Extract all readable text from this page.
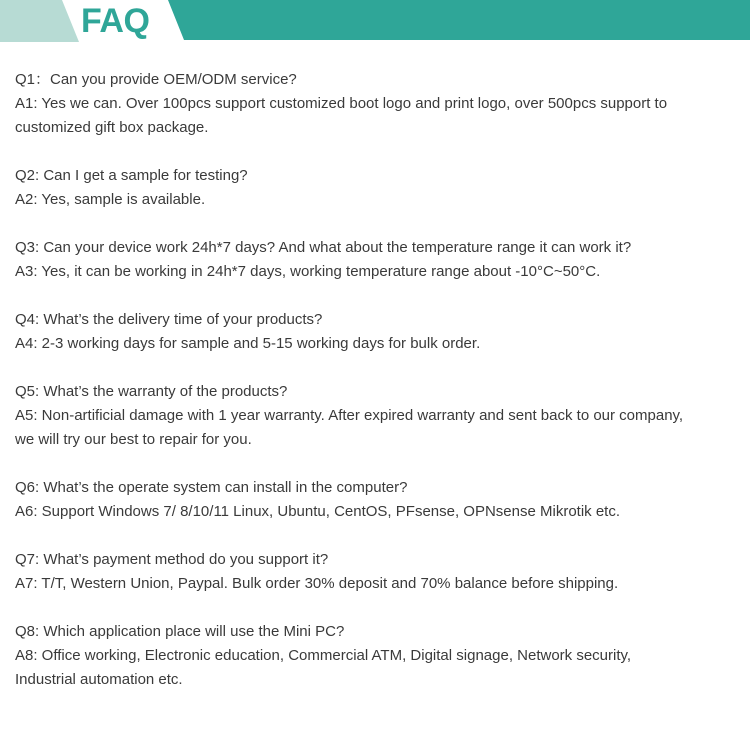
FAQ
Q1：Can you provide OEM/ODM service?
A1: Yes we can. Over 100pcs support customized boot logo and print logo, over 500pcs support to
customized gift box package.
Q2: Can I get a sample for testing?
A2: Yes, sample is available.
Q3: Can your device work 24h*7 days? And what about the temperature range it can work it?
A3: Yes, it can be working in 24h*7 days, working temperature range about -10°C~50°C.
Q4: What’s the delivery time of your products?
A4: 2-3 working days for sample and 5-15 working days for bulk order.
Q5: What’s the warranty of the products?
A5: Non-artificial damage with 1 year warranty. After expired warranty and sent back to our company,
we will try our best to repair for you.
Q6: What’s the operate system can install in the computer?
A6: Support Windows 7/ 8/10/11 Linux, Ubuntu, CentOS, PFsense, OPNsense Mikrotik etc.
Q7: What’s payment method do you support it?
A7: T/T, Western Union, Paypal. Bulk order 30% deposit and 70% balance before shipping.
Q8: Which application place will use the Mini PC?
A8: Office working, Electronic education, Commercial ATM, Digital signage, Network security,
Industrial automation etc.
